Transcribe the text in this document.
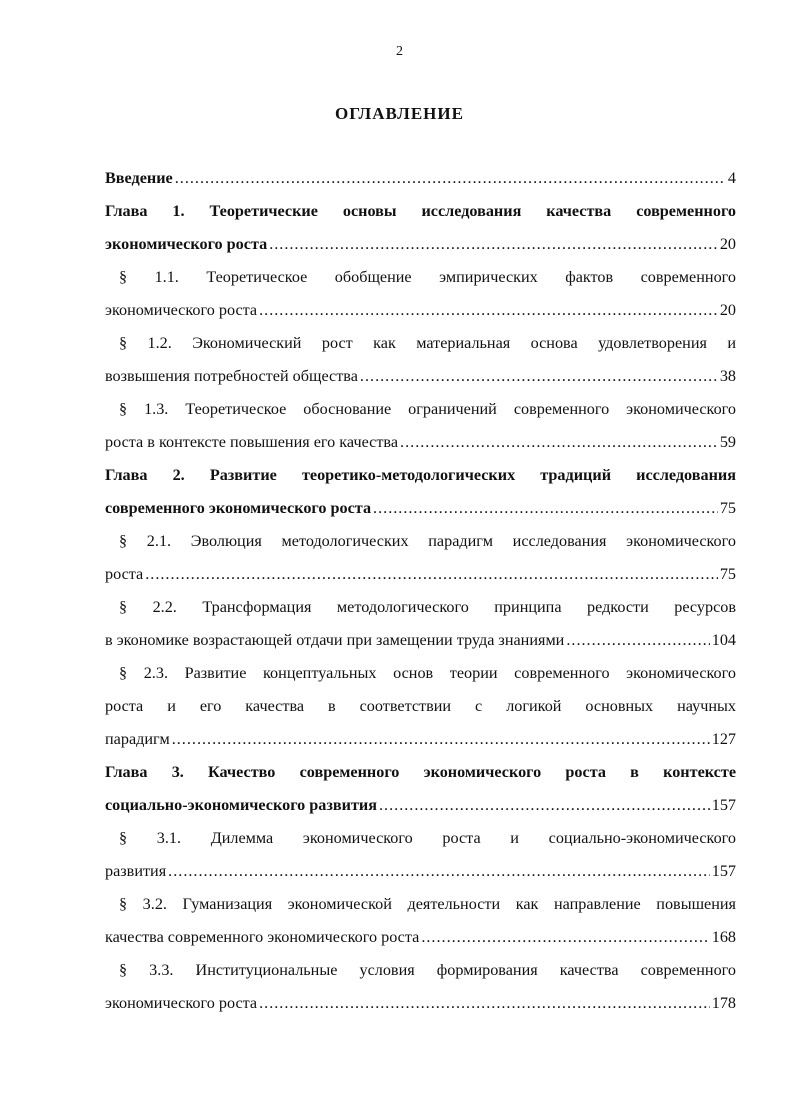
2
ОГЛАВЛЕНИЕ
Введение .....	4
Глава 1. Теоретические основы исследования качества современного
экономического роста .....	20
§ 1.1. Теоретическое обобщение эмпирических фактов современного
экономического роста .....	20
§ 1.2. Экономический рост как материальная основа удовлетворения и
возвышения потребностей общества .....	38
§ 1.3. Теоретическое обоснование ограничений современного экономического
роста в контексте повышения его качества .....	59
Глава 2. Развитие теоретико-методологических традиций исследования
современного экономического роста .....	75
§ 2.1. Эволюция методологических парадигм исследования экономического
роста .....	75
§ 2.2. Трансформация методологического принципа редкости ресурсов
в экономике возрастающей отдачи при замещении труда знаниями .....	104
§ 2.3. Развитие концептуальных основ теории современного экономического
роста и его качества в соответствии с логикой основных научных
парадигм .....	127
Глава 3. Качество современного экономического роста в контексте
социально-экономического развития .....	157
§ 3.1. Дилемма экономического роста и социально-экономического
развития .....	157
§ 3.2. Гуманизация экономической деятельности как направление повышения
качества современного экономического роста .....	168
§ 3.3. Институциональные условия формирования качества современного
экономического роста .....	178
